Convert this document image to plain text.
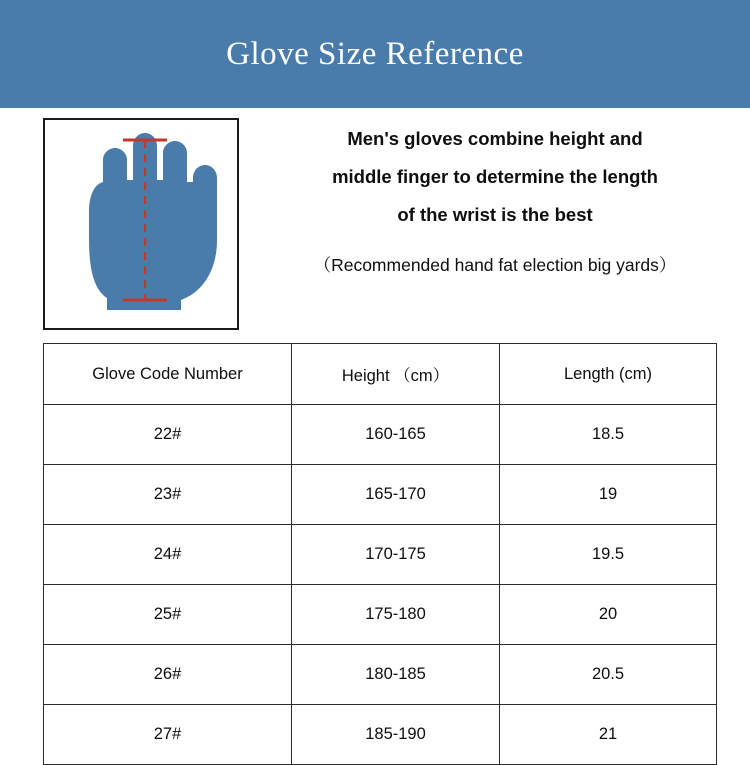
Glove Size Reference

Men's gloves combine height and

middle finger to determine the length

of the wrist is the best

（Recommended hand fat election big yards）

Glove Code Number	Height （cm）	Length (cm)
22#	160-165	18.5
23#	165-170	19
24#	170-175	19.5
25#	175-180	20
26#	180-185	20.5
27#	185-190	21
